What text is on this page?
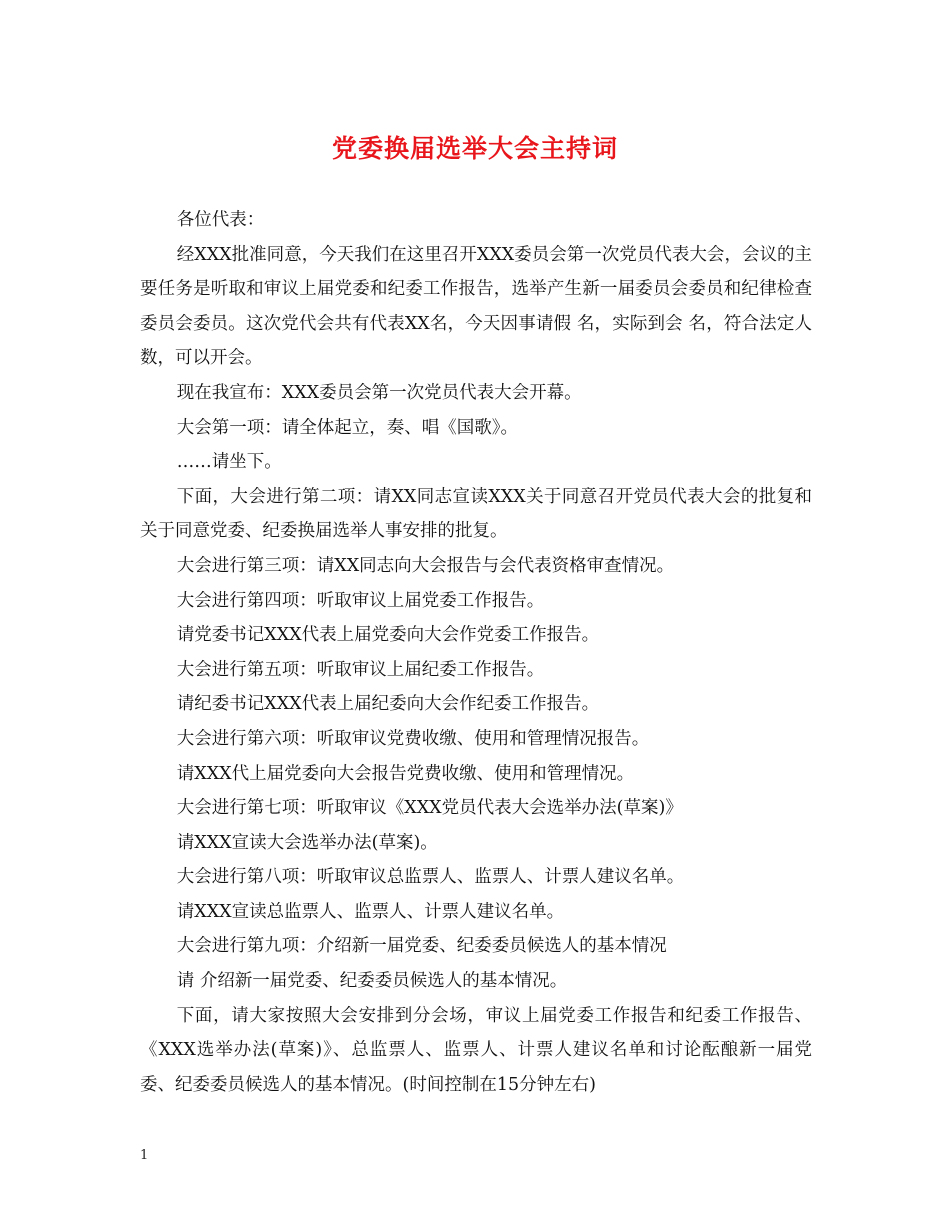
党委换届选举大会主持词

各位代表：

经XXX批准同意，今天我们在这里召开XXX委员会第一次党员代表大会，会议的主要任务是听取和审议上届党委和纪委工作报告，选举产生新一届委员会委员和纪律检查委员会委员。这次党代会共有代表XX名，今天因事请假 名，实际到会 名，符合法定人数，可以开会。

现在我宣布：XXX委员会第一次党员代表大会开幕。

大会第一项：请全体起立，奏、唱《国歌》。

……请坐下。

下面，大会进行第二项：请XX同志宣读XXX关于同意召开党员代表大会的批复和关于同意党委、纪委换届选举人事安排的批复。

大会进行第三项：请XX同志向大会报告与会代表资格审查情况。

大会进行第四项：听取审议上届党委工作报告。

请党委书记XXX代表上届党委向大会作党委工作报告。

大会进行第五项：听取审议上届纪委工作报告。

请纪委书记XXX代表上届纪委向大会作纪委工作报告。

大会进行第六项：听取审议党费收缴、使用和管理情况报告。

请XXX代上届党委向大会报告党费收缴、使用和管理情况。

大会进行第七项：听取审议《XXX党员代表大会选举办法(草案)》

请XXX宣读大会选举办法(草案)。

大会进行第八项：听取审议总监票人、监票人、计票人建议名单。

请XXX宣读总监票人、监票人、计票人建议名单。

大会进行第九项：介绍新一届党委、纪委委员候选人的基本情况

请 介绍新一届党委、纪委委员候选人的基本情况。

下面，请大家按照大会安排到分会场，审议上届党委工作报告和纪委工作报告、《XXX选举办法(草案)》、总监票人、监票人、计票人建议名单和讨论酝酿新一届党委、纪委委员候选人的基本情况。(时间控制在15分钟左右)

1
